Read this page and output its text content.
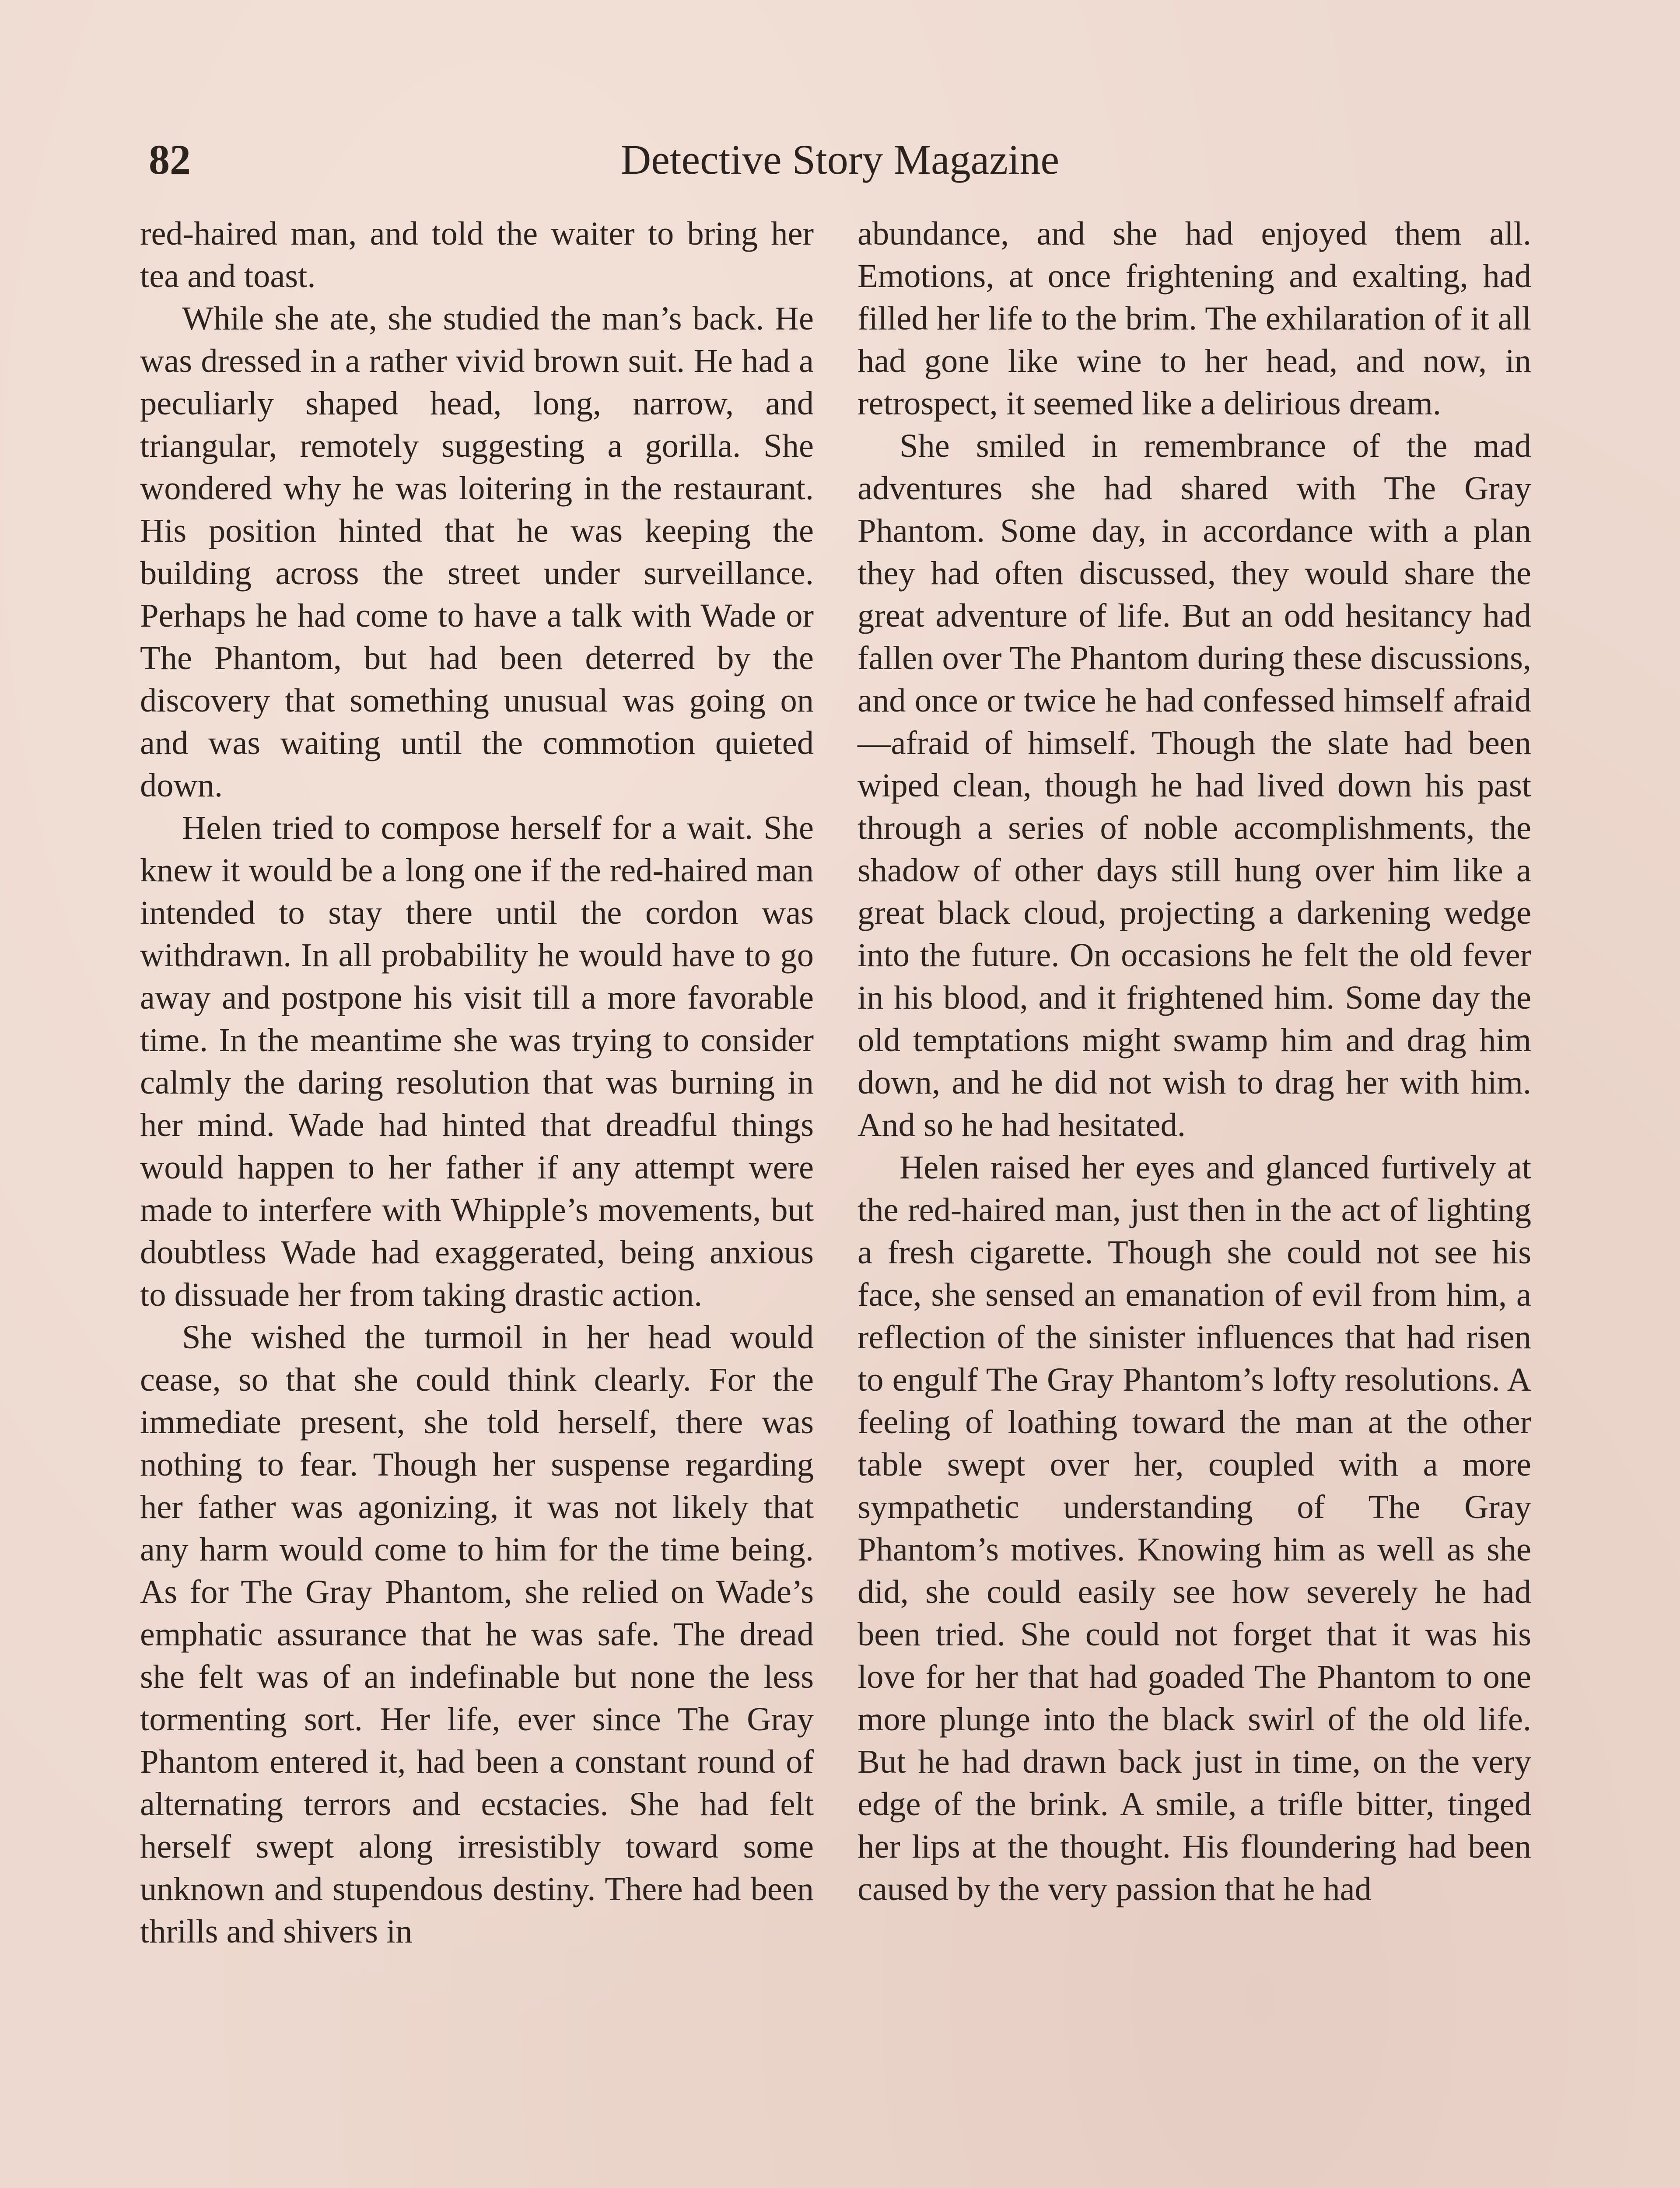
82	Detective Story Magazine

red-haired man, and told the waiter to bring her tea and toast.

While she ate, she studied the man’s back. He was dressed in a rather vivid brown suit. He had a peculiarly shaped head, long, narrow, and triangular, remotely suggesting a gorilla. She wondered why he was loitering in the restaurant. His position hinted that he was keeping the building across the street under surveillance. Perhaps he had come to have a talk with Wade or The Phantom, but had been deterred by the discovery that something unusual was going on and was waiting until the commotion quieted down.

Helen tried to compose herself for a wait. She knew it would be a long one if the red-haired man intended to stay there until the cordon was withdrawn. In all probability he would have to go away and postpone his visit till a more favorable time. In the meantime she was trying to consider calmly the daring resolution that was burning in her mind. Wade had hinted that dreadful things would happen to her father if any attempt were made to interfere with Whipple’s movements, but doubtless Wade had exaggerated, being anxious to dissuade her from taking drastic action.

She wished the turmoil in her head would cease, so that she could think clearly. For the immediate present, she told herself, there was nothing to fear. Though her suspense regarding her father was agonizing, it was not likely that any harm would come to him for the time being. As for The Gray Phantom, she relied on Wade’s emphatic assurance that he was safe. The dread she felt was of an indefinable but none the less tormenting sort. Her life, ever since The Gray Phantom entered it, had been a constant round of alternating terrors and ecstacies. She had felt herself swept along irresistibly toward some unknown and stupendous destiny. There had been thrills and shivers in

abundance, and she had enjoyed them all. Emotions, at once frightening and exalting, had filled her life to the brim. The exhilaration of it all had gone like wine to her head, and now, in retrospect, it seemed like a delirious dream.

She smiled in remembrance of the mad adventures she had shared with The Gray Phantom. Some day, in accordance with a plan they had often discussed, they would share the great adventure of life. But an odd hesitancy had fallen over The Phantom during these discussions, and once or twice he had confessed himself afraid—afraid of himself. Though the slate had been wiped clean, though he had lived down his past through a series of noble accomplishments, the shadow of other days still hung over him like a great black cloud, projecting a darkening wedge into the future. On occasions he felt the old fever in his blood, and it frightened him. Some day the old temptations might swamp him and drag him down, and he did not wish to drag her with him. And so he had hesitated.

Helen raised her eyes and glanced furtively at the red-haired man, just then in the act of lighting a fresh cigarette. Though she could not see his face, she sensed an emanation of evil from him, a reflection of the sinister influences that had risen to engulf The Gray Phantom’s lofty resolutions. A feeling of loathing toward the man at the other table swept over her, coupled with a more sympathetic understanding of The Gray Phantom’s motives. Knowing him as well as she did, she could easily see how severely he had been tried. She could not forget that it was his love for her that had goaded The Phantom to one more plunge into the black swirl of the old life. But he had drawn back just in time, on the very edge of the brink. A smile, a trifle bitter, tinged her lips at the thought. His floundering had been caused by the very passion that he had
